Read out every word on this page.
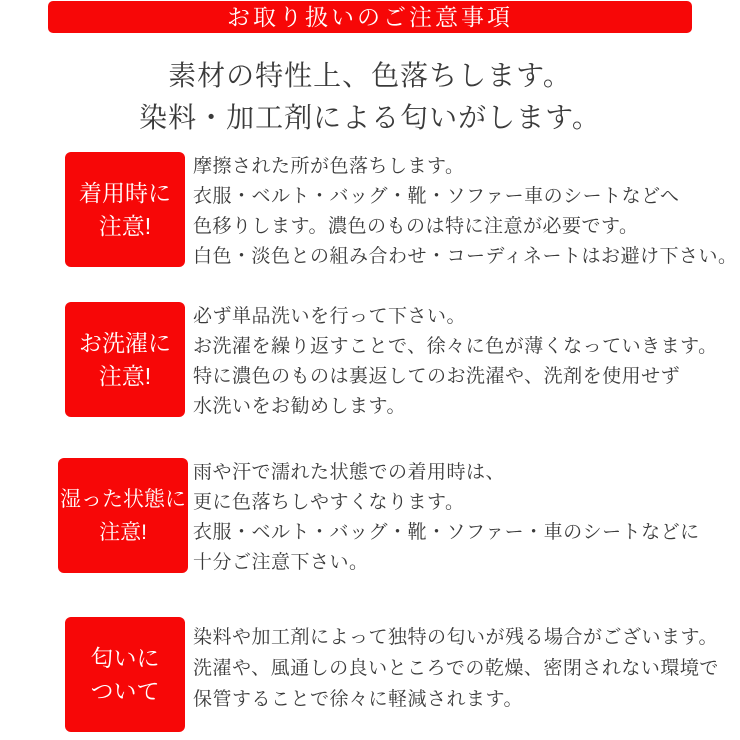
お取り扱いのご注意事項
素材の特性上、色落ちします。
染料・加工剤による匂いがします。
着用時に
注意!
摩擦された所が色落ちします。
衣服・ベルト・バッグ・靴・ソファー車のシートなどへ
色移りします。濃色のものは特に注意が必要です。
白色・淡色との組み合わせ・コーディネートはお避け下さい。
お洗濯に
注意!
必ず単品洗いを行って下さい。
お洗濯を繰り返すことで、徐々に色が薄くなっていきます。
特に濃色のものは裏返してのお洗濯や、洗剤を使用せず
水洗いをお勧めします。
湿った状態に
注意!
雨や汗で濡れた状態での着用時は、
更に色落ちしやすくなります。
衣服・ベルト・バッグ・靴・ソファー・車のシートなどに
十分ご注意下さい。
匂いに
ついて
染料や加工剤によって独特の匂いが残る場合がございます。
洗濯や、風通しの良いところでの乾燥、密閉されない環境で
保管することで徐々に軽減されます。
